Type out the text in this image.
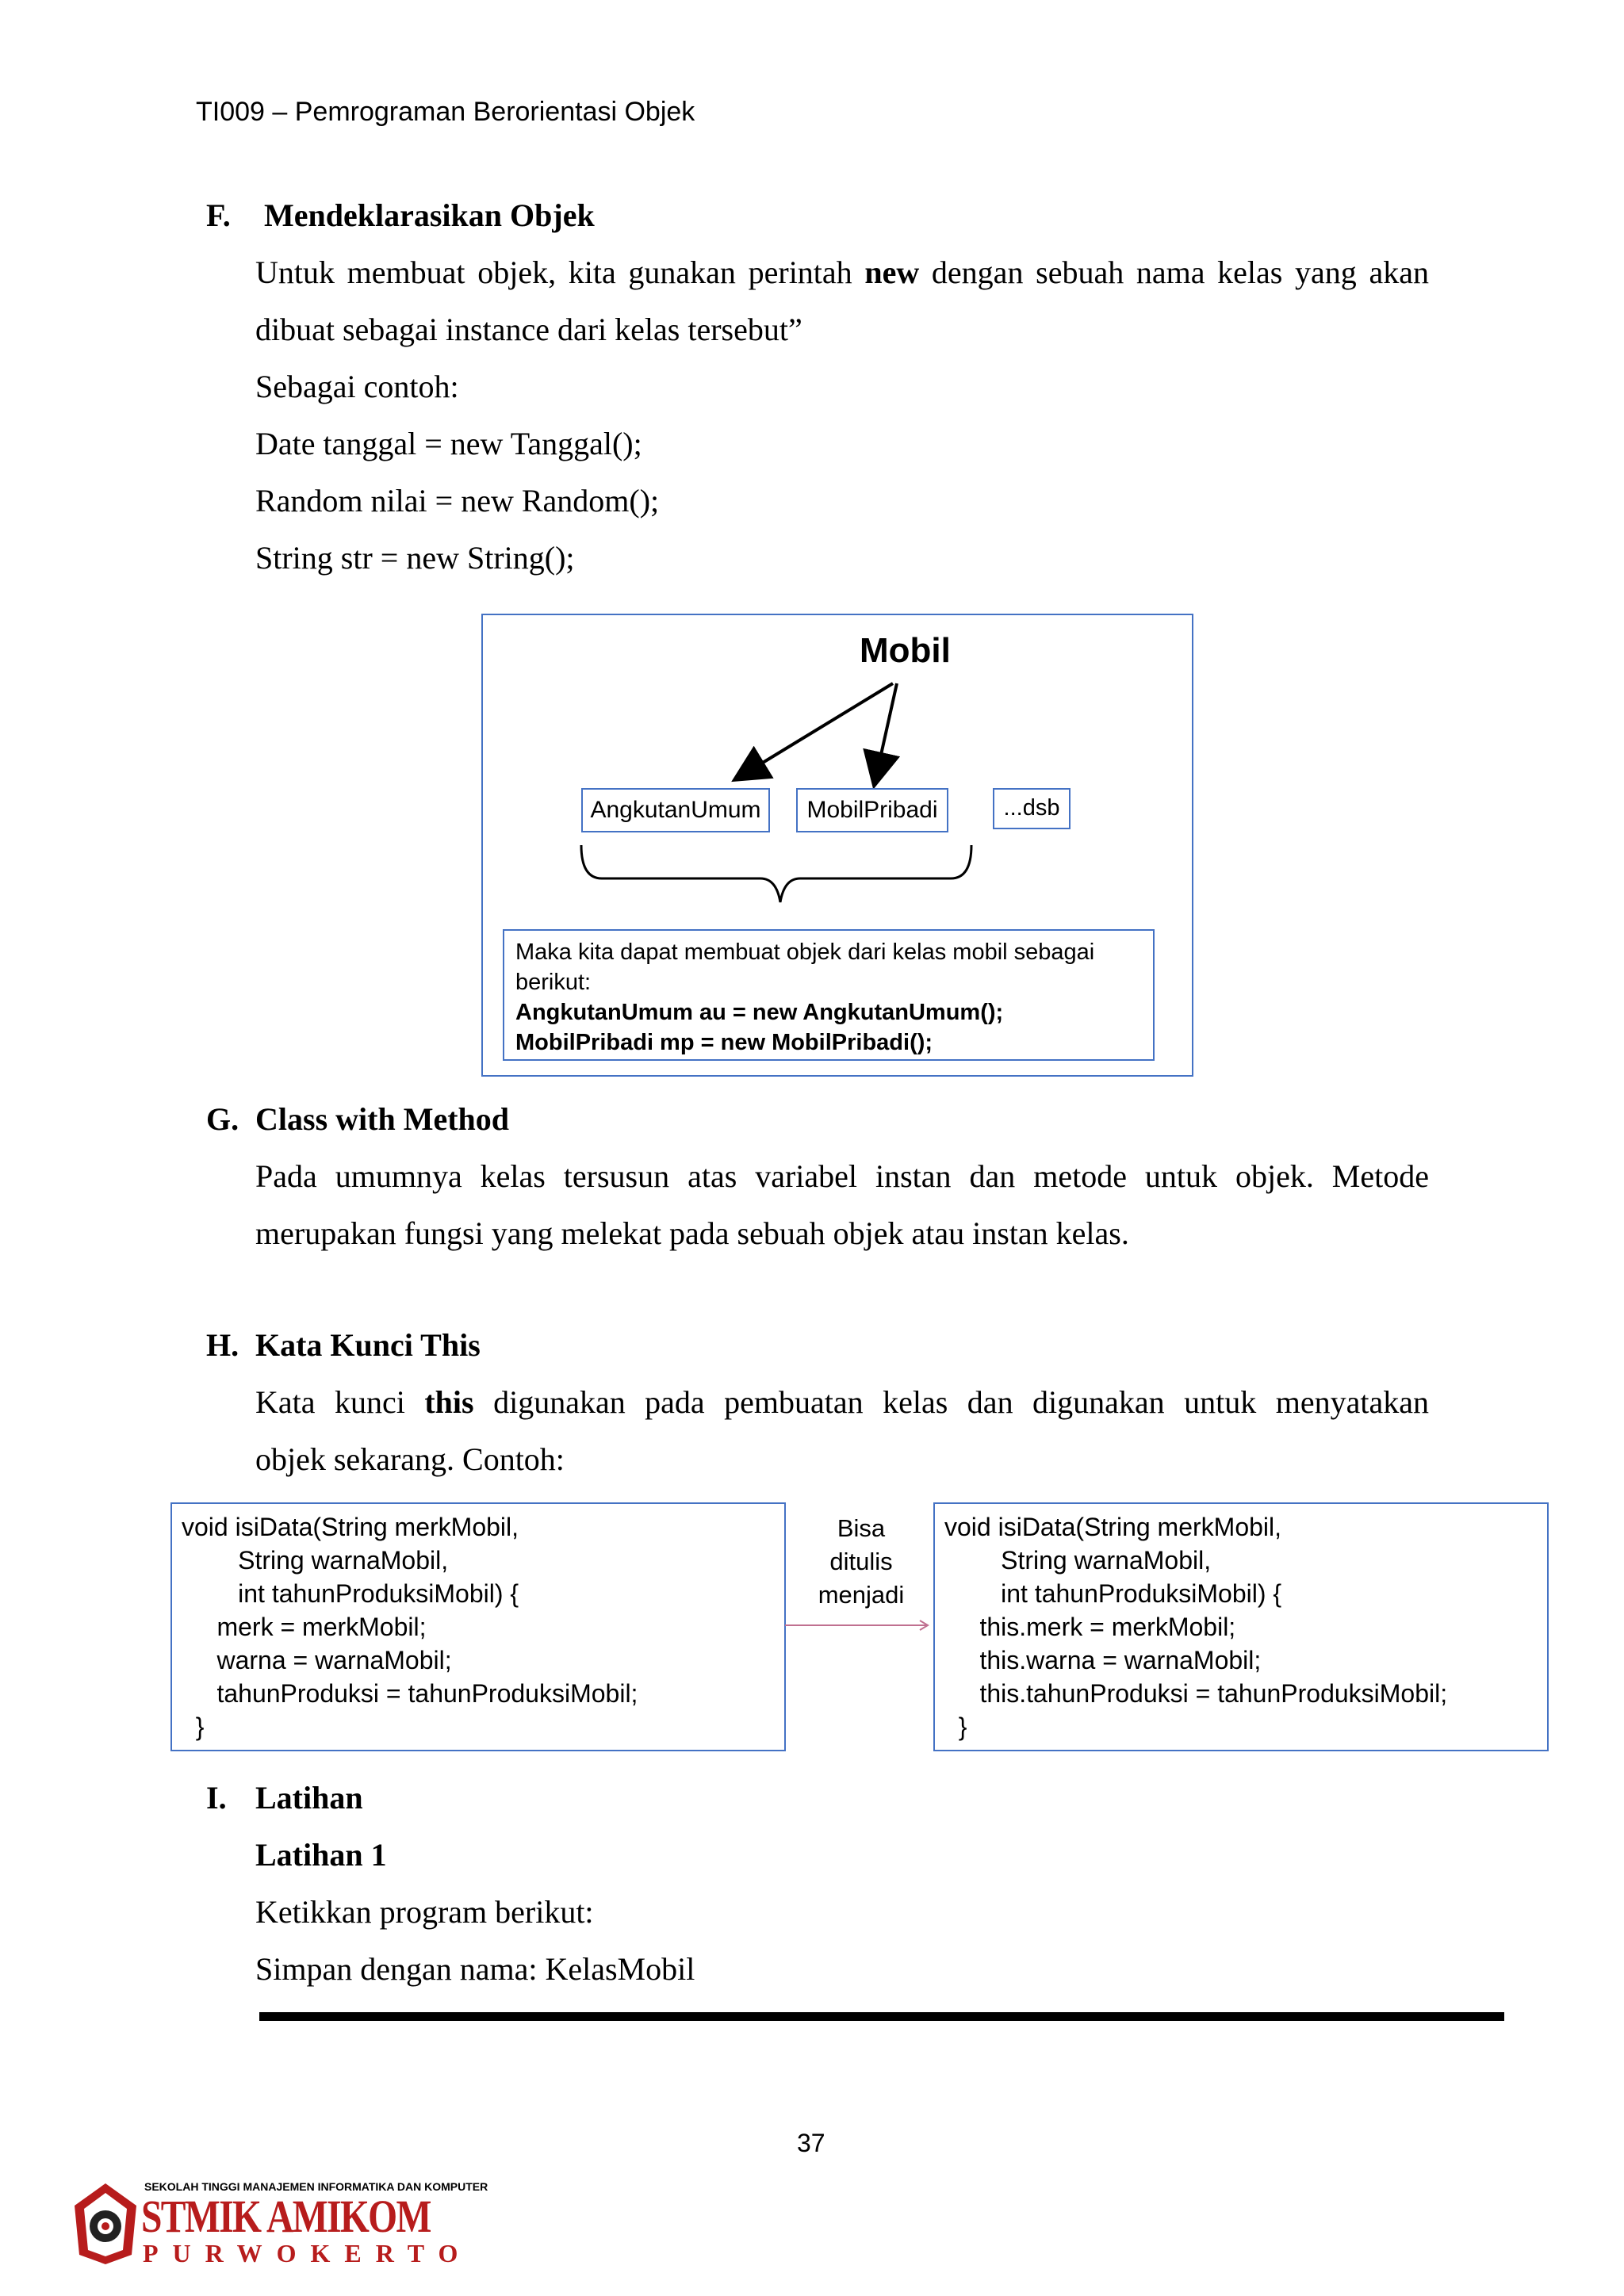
TI009 – Pemrograman Berorientasi Objek
F. Mendeklarasikan Objek
Untuk membuat objek, kita gunakan perintah new dengan sebuah nama kelas yang akan
dibuat sebagai instance dari kelas tersebut”
Sebagai contoh:
Date tanggal = new Tanggal();
Random nilai = new Random();
String str = new String();
Mobil
AngkutanUmum	MobilPribadi	...dsb
Maka kita dapat membuat objek dari kelas mobil sebagai
berikut:
AngkutanUmum au = new AngkutanUmum();
MobilPribadi mp = new MobilPribadi();
G. Class with Method
Pada umumnya kelas tersusun atas variabel instan dan metode untuk objek. Metode
merupakan fungsi yang melekat pada sebuah objek atau instan kelas.
H. Kata Kunci This
Kata kunci this digunakan pada pembuatan kelas dan digunakan untuk menyatakan
objek sekarang. Contoh:
void isiData(String merkMobil,
String warnaMobil,
int tahunProduksiMobil) {
merk = merkMobil;
warna = warnaMobil;
tahunProduksi = tahunProduksiMobil;
}
Bisa
ditulis
menjadi
void isiData(String merkMobil,
String warnaMobil,
int tahunProduksiMobil) {
this.merk = merkMobil;
this.warna = warnaMobil;
this.tahunProduksi = tahunProduksiMobil;
}
I. Latihan
Latihan 1
Ketikkan program berikut:
Simpan dengan nama: KelasMobil
37
SEKOLAH TINGGI MANAJEMEN INFORMATIKA DAN KOMPUTER
STMIK AMIKOM
PURWOKERTO
